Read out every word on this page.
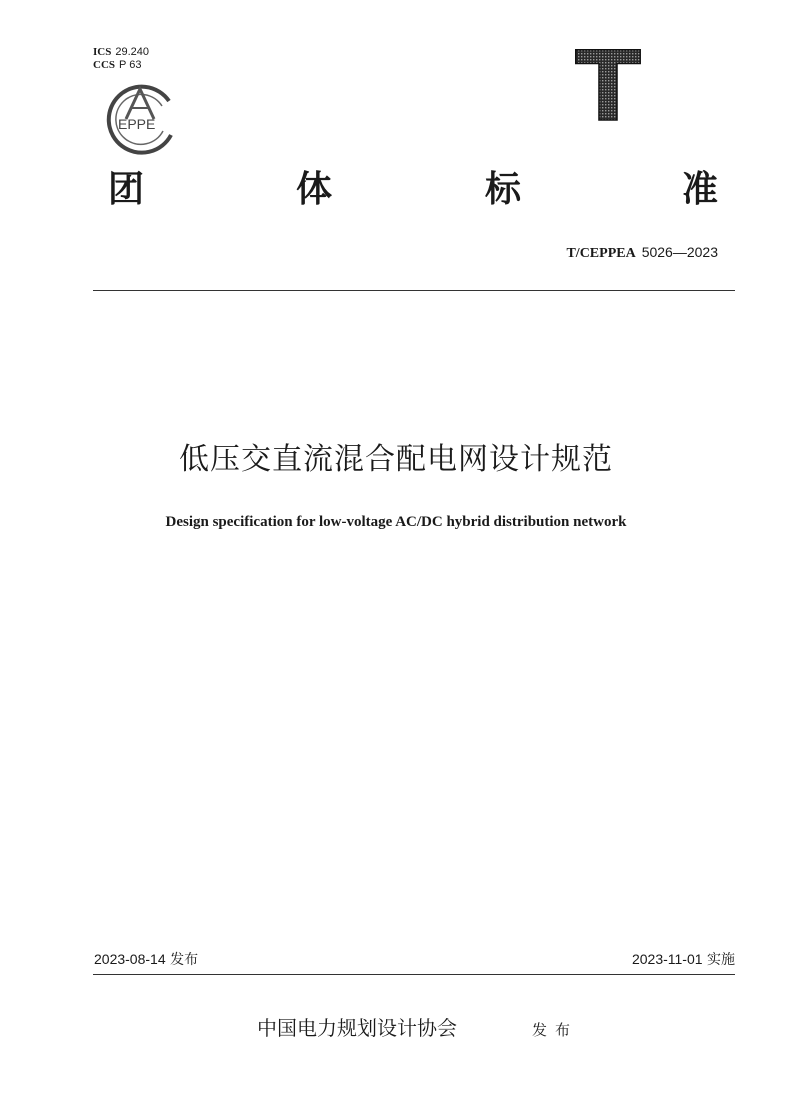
ICS 29.240
CCS P 63
EPPE	T
团	体	标	准
T/CEPPEA 5026—2023
低压交直流混合配电网设计规范
Design specification for low-voltage AC/DC hybrid distribution network
2023-08-14 发布	2023-11-01 实施
中国电力规划设计协会	发布
